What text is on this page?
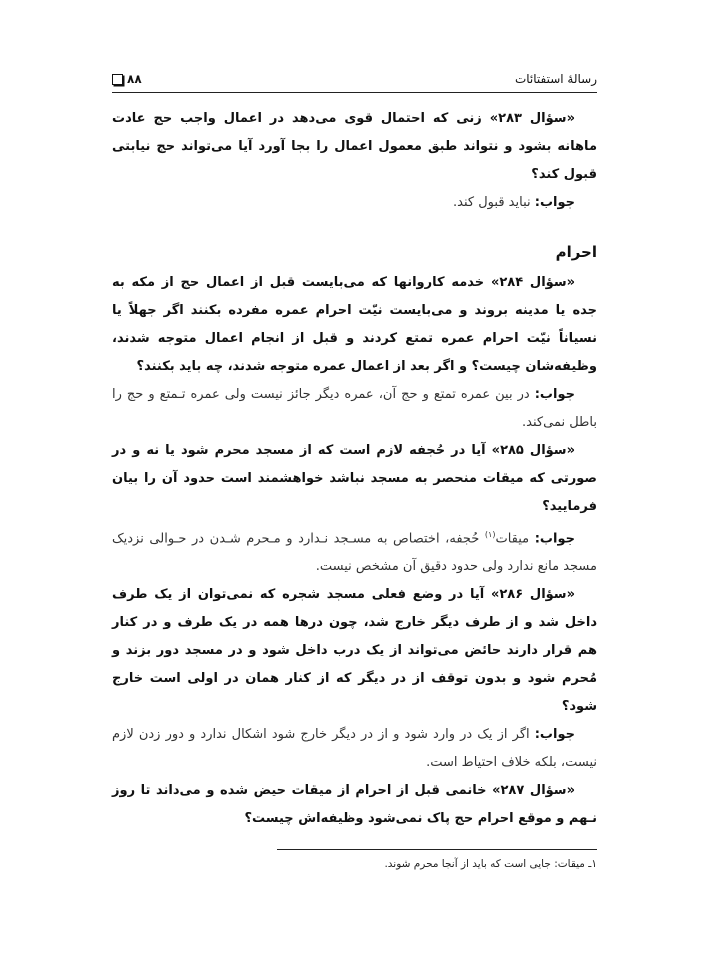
رسالهٔ استفتائات
۸۸

«سؤال ۲۸۳» زنی که احتمال قوی می‌دهد در اعمال واجب حج عادت ماهانه بشود و نتواند طبق معمول اعمال را بجا آورد آیا می‌تواند حج نیابتی قبول کند؟

جواب: نباید قبول کند.

احرام

«سؤال ۲۸۴» خدمه کاروانها که می‌بایست قبل از اعمال حج از مکه به جده یا مدینه بروند و می‌بایست نیّت احرام عمره مفرده بکنند اگر جهلاً یا نسیاناً نیّت احرام عمره تمتع کردند و قبل از انجام اعمال متوجه شدند، وظیفه‌شان چیست؟ و اگر بعد از اعمال عمره متوجه شدند، چه باید بکنند؟

جواب: در بین عمره تمتع و حج آن، عمره دیگر جائز نیست ولی عمره تـمتع و حج را باطل نمی‌کند.

«سؤال ۲۸۵» آیا در حُجفه لازم است که از مسجد محرم شود یا نه و در صورتی که میقات منحصر به مسجد نباشد خواهشمند است حدود آن را بیان فرمایید؟

جواب: میقات$^{(۱)}$ حُجفه، اختصاص به مسـجد نـدارد و مـحرم شـدن در حـوالی نزدیک مسجد مانع ندارد ولی حدود دقیق آن مشخص نیست.

«سؤال ۲۸۶» آیا در وضع فعلی مسجد شجره که نمی‌توان از یک طرف داخل شد و از طرف دیگر خارج شد، چون درها همه در یک طرف و در کنار هم قرار دارند حائض می‌تواند از یک درب داخل شود و در مسجد دور بزند و مُحرم شود و بدون توقف از در دیگر که از کنار همان در اولی است خارج شود؟

جواب: اگر از یک در وارد شود و از در دیگر خارج شود اشکال ندارد و دور زدن لازم نیست، بلکه خلاف احتیاط است.

«سؤال ۲۸۷» خانمی قبل از احرام از میقات حیض شده و می‌داند تا روز نـهم و موقع احرام حج پاک نمی‌شود وظیفه‌اش چیست؟

۱ـ میقات: جایی است که باید از آنجا محرم شوند.
